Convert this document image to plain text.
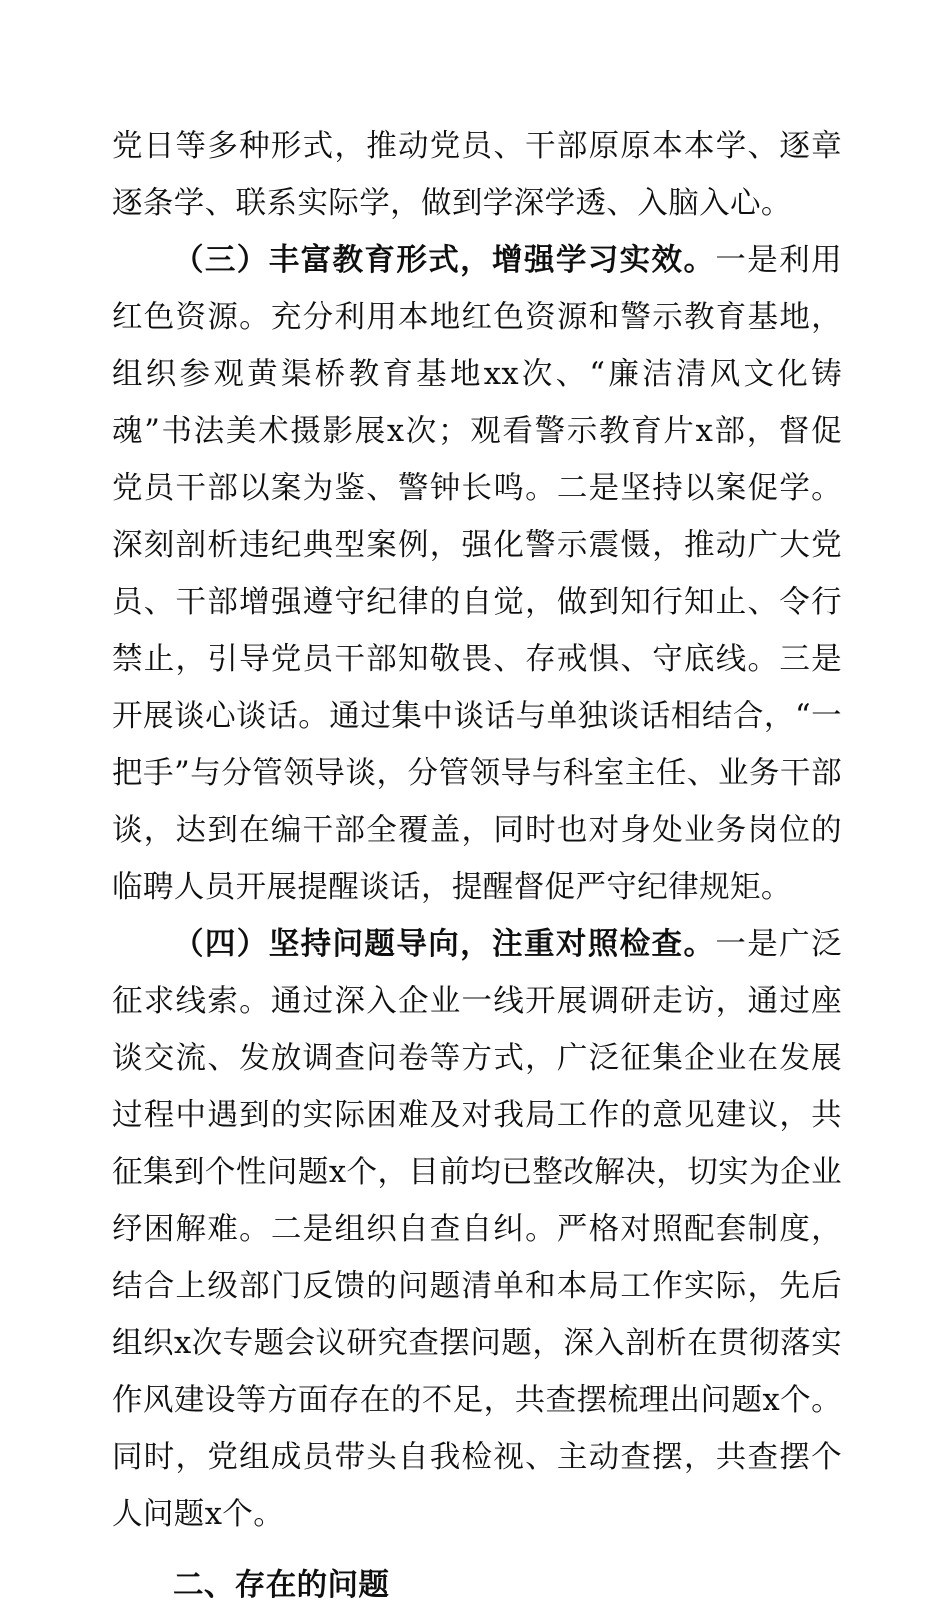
党日等多种形式，推动党员、干部原原本本学、逐章逐条学、联系实际学，做到学深学透、入脑入心。

（三）丰富教育形式，增强学习实效。一是利用红色资源。充分利用本地红色资源和警示教育基地，组织参观黄渠桥教育基地xx次、“廉洁清风文化铸魂”书法美术摄影展x次；观看警示教育片x部，督促党员干部以案为鉴、警钟长鸣。二是坚持以案促学。深刻剖析违纪典型案例，强化警示震慑，推动广大党员、干部增强遵守纪律的自觉，做到知行知止、令行禁止，引导党员干部知敬畏、存戒惧、守底线。三是开展谈心谈话。通过集中谈话与单独谈话相结合，“一把手”与分管领导谈，分管领导与科室主任、业务干部谈，达到在编干部全覆盖，同时也对身处业务岗位的临聘人员开展提醒谈话，提醒督促严守纪律规矩。

（四）坚持问题导向，注重对照检查。一是广泛征求线索。通过深入企业一线开展调研走访，通过座谈交流、发放调查问卷等方式，广泛征集企业在发展过程中遇到的实际困难及对我局工作的意见建议，共征集到个性问题x个，目前均已整改解决，切实为企业纾困解难。二是组织自查自纠。严格对照配套制度，结合上级部门反馈的问题清单和本局工作实际，先后组织x次专题会议研究查摆问题，深入剖析在贯彻落实作风建设等方面存在的不足，共查摆梳理出问题x个。同时，党组成员带头自我检视、主动查摆，共查摆个人问题x个。

二、存在的问题
